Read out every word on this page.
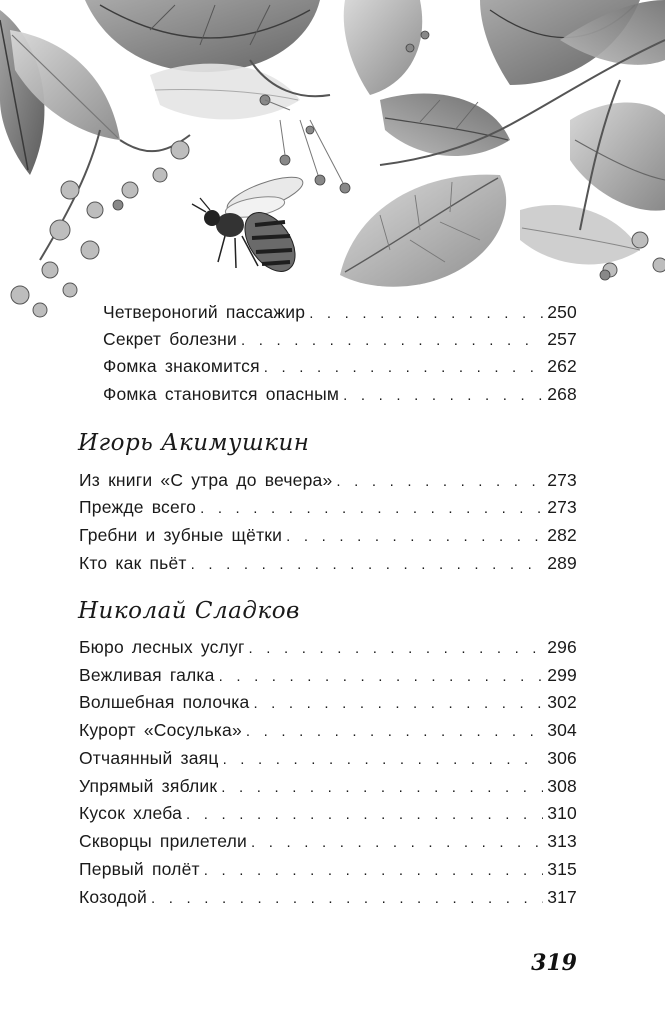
Четвероногий пассажир . . .	250
Секрет болезни . . .	257
Фомка знакомится . . .	262
Фомка становится опасным . . .	268
Игорь Акимушкин
Из книги «С утра до вечера» . . .	273
Прежде всего . . .	273
Гребни и зубные щётки . . .	282
Кто как пьёт . . .	289
Николай Сладков
Бюро лесных услуг . . .	296
Вежливая галка . . .	299
Волшебная полочка . . .	302
Курорт «Сосулька» . . .	304
Отчаянный заяц . . .	306
Упрямый зяблик . . .	308
Кусок хлеба . . .	310
Скворцы прилетели . . .	313
Первый полёт . . .	315
Козодой . . .	317
319
